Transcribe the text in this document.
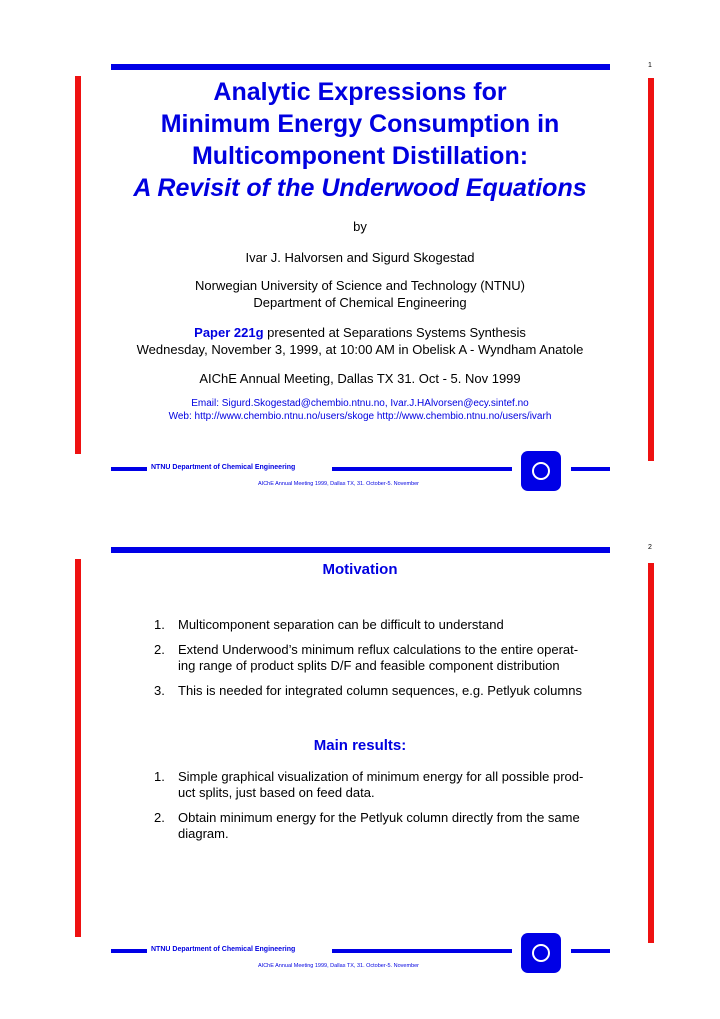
1
Analytic Expressions for
Minimum Energy Consumption in
Multicomponent Distillation:
A Revisit of the Underwood Equations
by
Ivar J. Halvorsen and Sigurd Skogestad
Norwegian University of Science and Technology (NTNU)
Department of Chemical Engineering
Paper 221g presented at Separations Systems Synthesis
Wednesday, November 3, 1999, at 10:00 AM in Obelisk A - Wyndham Anatole
AIChE Annual Meeting, Dallas TX 31. Oct - 5. Nov 1999
Email: Sigurd.Skogestad@chembio.ntnu.no, Ivar.J.HAlvorsen@ecy.sintef.no
Web: http://www.chembio.ntnu.no/users/skoge http://www.chembio.ntnu.no/users/ivarh
NTNU Department of Chemical Engineering
AIChE Annual Meeting 1999, Dallas TX, 31. October-5. November
2
Motivation
1. Multicomponent separation can be difficult to understand
2. Extend Underwood’s minimum reflux calculations to the entire operat-
ing range of product splits D/F and feasible component distribution
3. This is needed for integrated column sequences, e.g. Petlyuk columns
Main results:
1. Simple graphical visualization of minimum energy for all possible prod-
uct splits, just based on feed data.
2. Obtain minimum energy for the Petlyuk column directly from the same
diagram.
NTNU Department of Chemical Engineering
AIChE Annual Meeting 1999, Dallas TX, 31. October-5. November
